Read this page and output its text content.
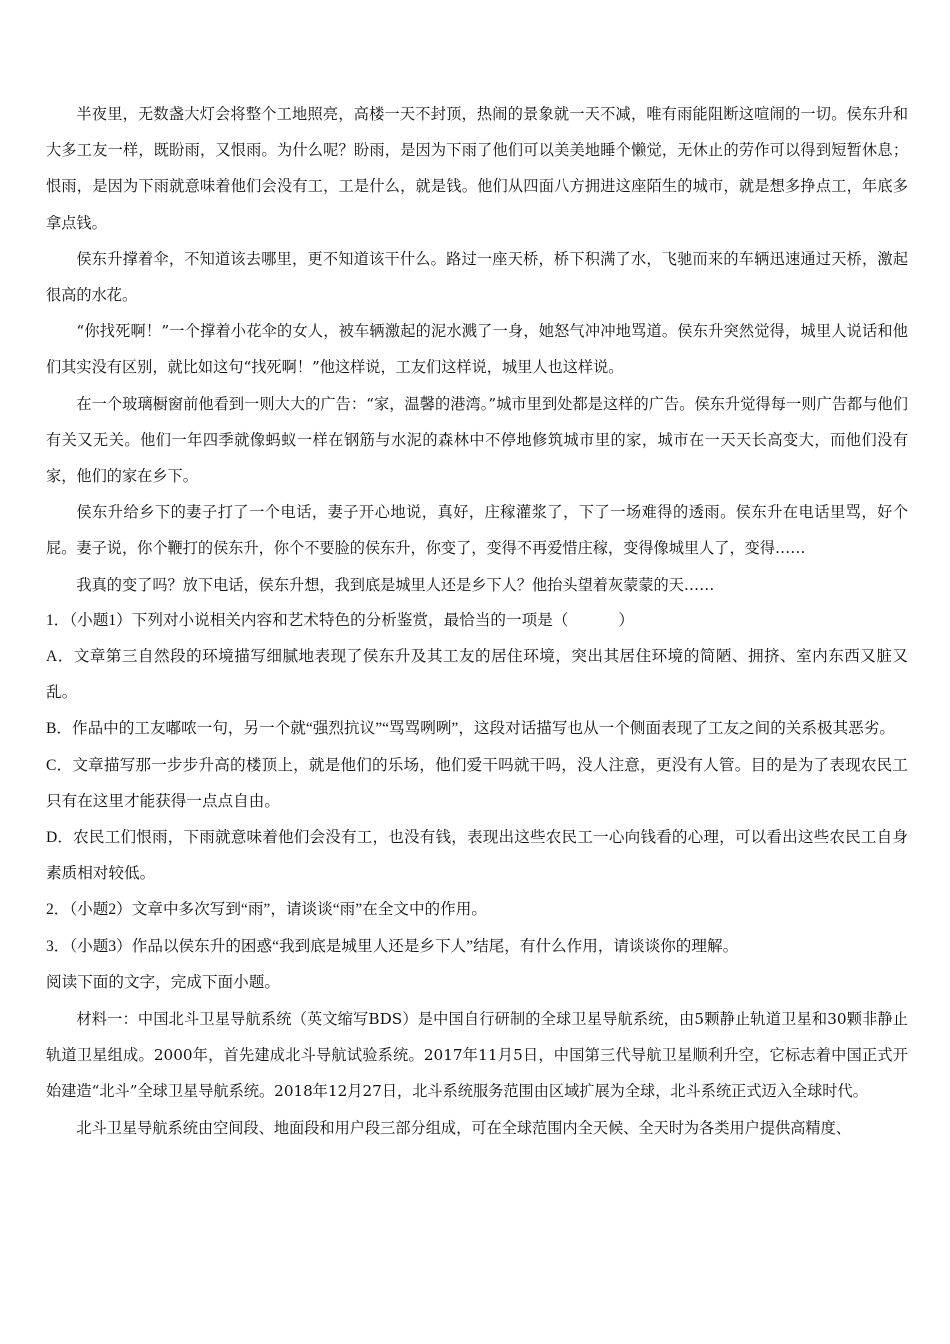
半夜里，无数盏大灯会将整个工地照亮，高楼一天不封顶，热闹的景象就一天不减，唯有雨能阻断这喧闹的一切。侯东升和大多工友一样，既盼雨，又恨雨。为什么呢？盼雨，是因为下雨了他们可以美美地睡个懒觉，无休止的劳作可以得到短暂休息；恨雨，是因为下雨就意味着他们会没有工，工是什么，就是钱。他们从四面八方拥进这座陌生的城市，就是想多挣点工，年底多拿点钱。

侯东升撑着伞，不知道该去哪里，更不知道该干什么。路过一座天桥，桥下积满了水，飞驰而来的车辆迅速通过天桥，激起很高的水花。

“你找死啊！”一个撑着小花伞的女人，被车辆激起的泥水溅了一身，她怒气冲冲地骂道。侯东升突然觉得，城里人说话和他们其实没有区别，就比如这句“找死啊！”他这样说，工友们这样说，城里人也这样说。

在一个玻璃橱窗前他看到一则大大的广告：“家，温馨的港湾。”城市里到处都是这样的广告。侯东升觉得每一则广告都与他们有关又无关。他们一年四季就像蚂蚁一样在钢筋与水泥的森林中不停地修筑城市里的家，城市在一天天长高变大，而他们没有家，他们的家在乡下。

侯东升给乡下的妻子打了一个电话，妻子开心地说，真好，庄稼灌浆了，下了一场难得的透雨。侯东升在电话里骂，好个屁。妻子说，你个鞭打的侯东升，你个不要脸的侯东升，你变了，变得不再爱惜庄稼，变得像城里人了，变得……

我真的变了吗？放下电话，侯东升想，我到底是城里人还是乡下人？他抬头望着灰蒙蒙的天……

1．（小题1）下列对小说相关内容和艺术特色的分析鉴赏，最恰当的一项是（	）

A．文章第三自然段的环境描写细腻地表现了侯东升及其工友的居住环境，突出其居住环境的简陋、拥挤、室内东西又脏又乱。

B．作品中的工友嘟哝一句，另一个就“强烈抗议”“骂骂咧咧”，这段对话描写也从一个侧面表现了工友之间的关系极其恶劣。

C．文章描写那一步步升高的楼顶上，就是他们的乐场，他们爱干吗就干吗，没人注意，更没有人管。目的是为了表现农民工只有在这里才能获得一点点自由。

D．农民工们恨雨，下雨就意味着他们会没有工，也没有钱，表现出这些农民工一心向钱看的心理，可以看出这些农民工自身素质相对较低。

2．（小题2）文章中多次写到“雨”，请谈谈“雨”在全文中的作用。

3．（小题3）作品以侯东升的困惑“我到底是城里人还是乡下人”结尾，有什么作用，请谈谈你的理解。

阅读下面的文字，完成下面小题。

材料一：中国北斗卫星导航系统（英文缩写BDS）是中国自行研制的全球卫星导航系统，由5颗静止轨道卫星和30颗非静止轨道卫星组成。2000年，首先建成北斗导航试验系统。2017年11月5日，中国第三代导航卫星顺利升空，它标志着中国正式开始建造“北斗”全球卫星导航系统。2018年12月27日，北斗系统服务范围由区域扩展为全球，北斗系统正式迈入全球时代。

北斗卫星导航系统由空间段、地面段和用户段三部分组成，可在全球范围内全天候、全天时为各类用户提供高精度、
